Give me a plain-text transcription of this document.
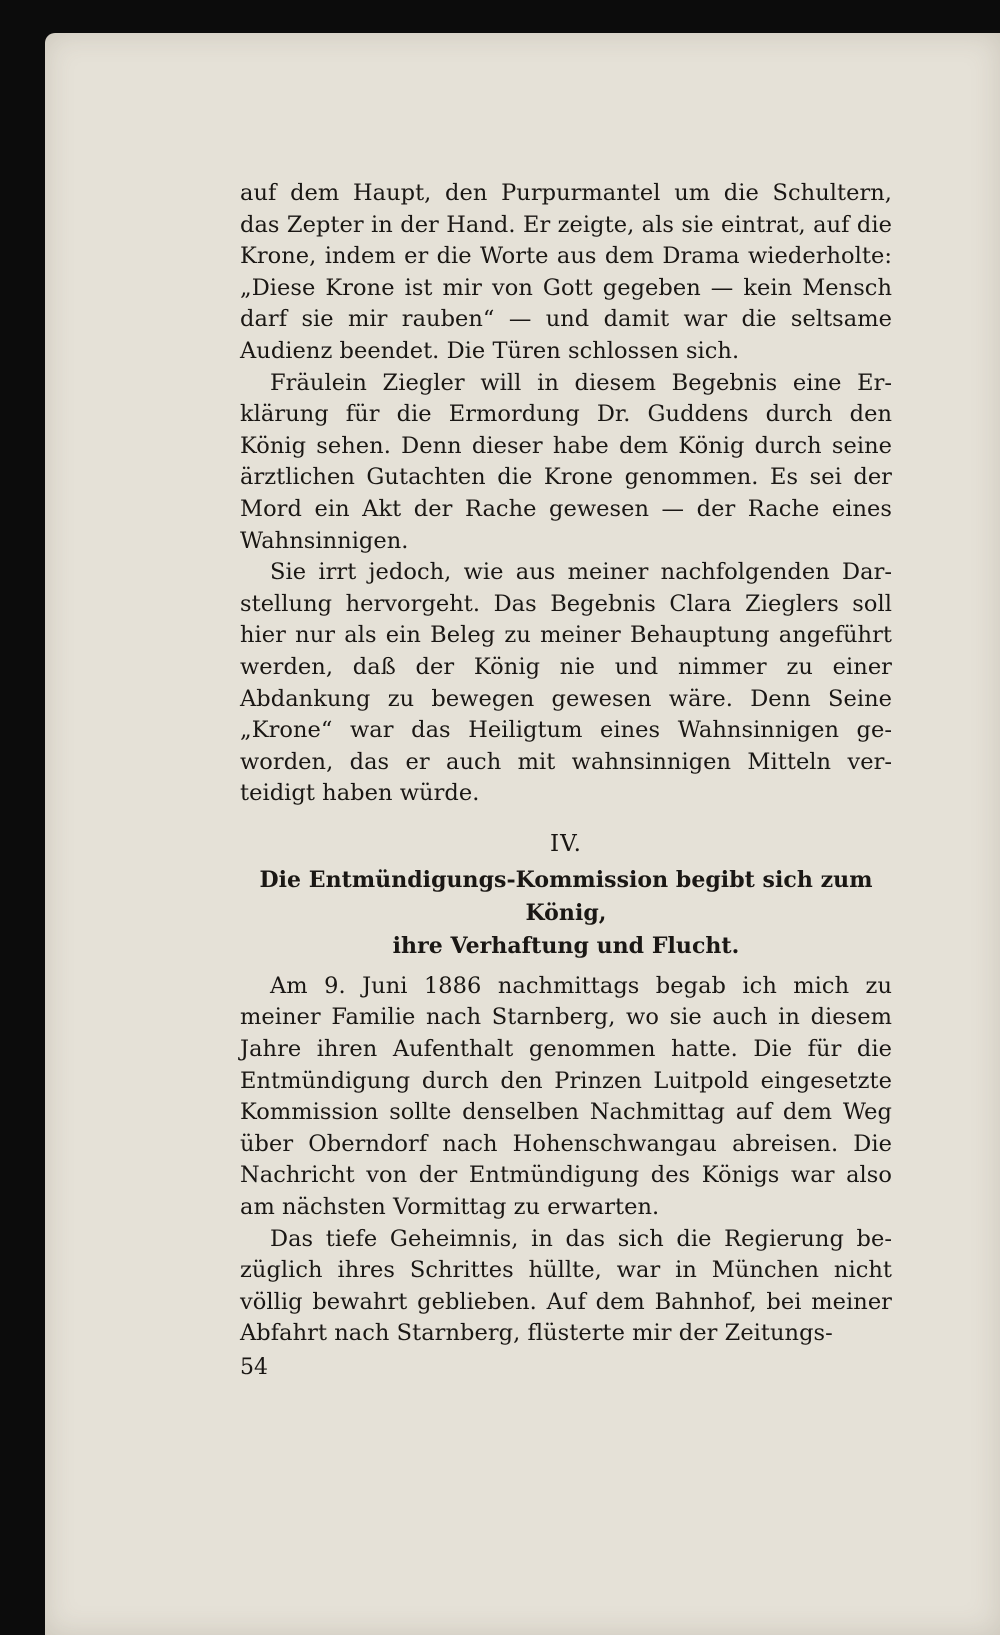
auf dem Haupt, den Purpurmantel um die Schultern, das Zepter in der Hand. Er zeigte, als sie eintrat, auf die Krone, indem er die Worte aus dem Drama wiederholte: „Diese Krone ist mir von Gott gegeben — kein Mensch darf sie mir rauben“ — und damit war die seltsame Audienz beendet. Die Türen schlossen sich.

Fräulein Ziegler will in diesem Begebnis eine Erklärung für die Ermordung Dr. Guddens durch den König sehen. Denn dieser habe dem König durch seine ärztlichen Gutachten die Krone genommen. Es sei der Mord ein Akt der Rache gewesen — der Rache eines Wahnsinnigen.

Sie irrt jedoch, wie aus meiner nachfolgenden Darstellung hervorgeht. Das Begebnis Clara Zieglers soll hier nur als ein Beleg zu meiner Behauptung angeführt werden, daß der König nie und nimmer zu einer Abdankung zu bewegen gewesen wäre. Denn Seine „Krone“ war das Heiligtum eines Wahnsinnigen geworden, das er auch mit wahnsinnigen Mitteln verteidigt haben würde.

IV.

Die Entmündigungs-Kommission begibt sich zum König,

ihre Verhaftung und Flucht.

Am 9. Juni 1886 nachmittags begab ich mich zu meiner Familie nach Starnberg, wo sie auch in diesem Jahre ihren Aufenthalt genommen hatte. Die für die Entmündigung durch den Prinzen Luitpold eingesetzte Kommission sollte denselben Nachmittag auf dem Weg über Oberndorf nach Hohenschwangau abreisen. Die Nachricht von der Entmündigung des Königs war also am nächsten Vormittag zu erwarten.

Das tiefe Geheimnis, in das sich die Regierung bezüglich ihres Schrittes hüllte, war in München nicht völlig bewahrt geblieben. Auf dem Bahnhof, bei meiner Abfahrt nach Starnberg, flüsterte mir der Zeitungs-

54
